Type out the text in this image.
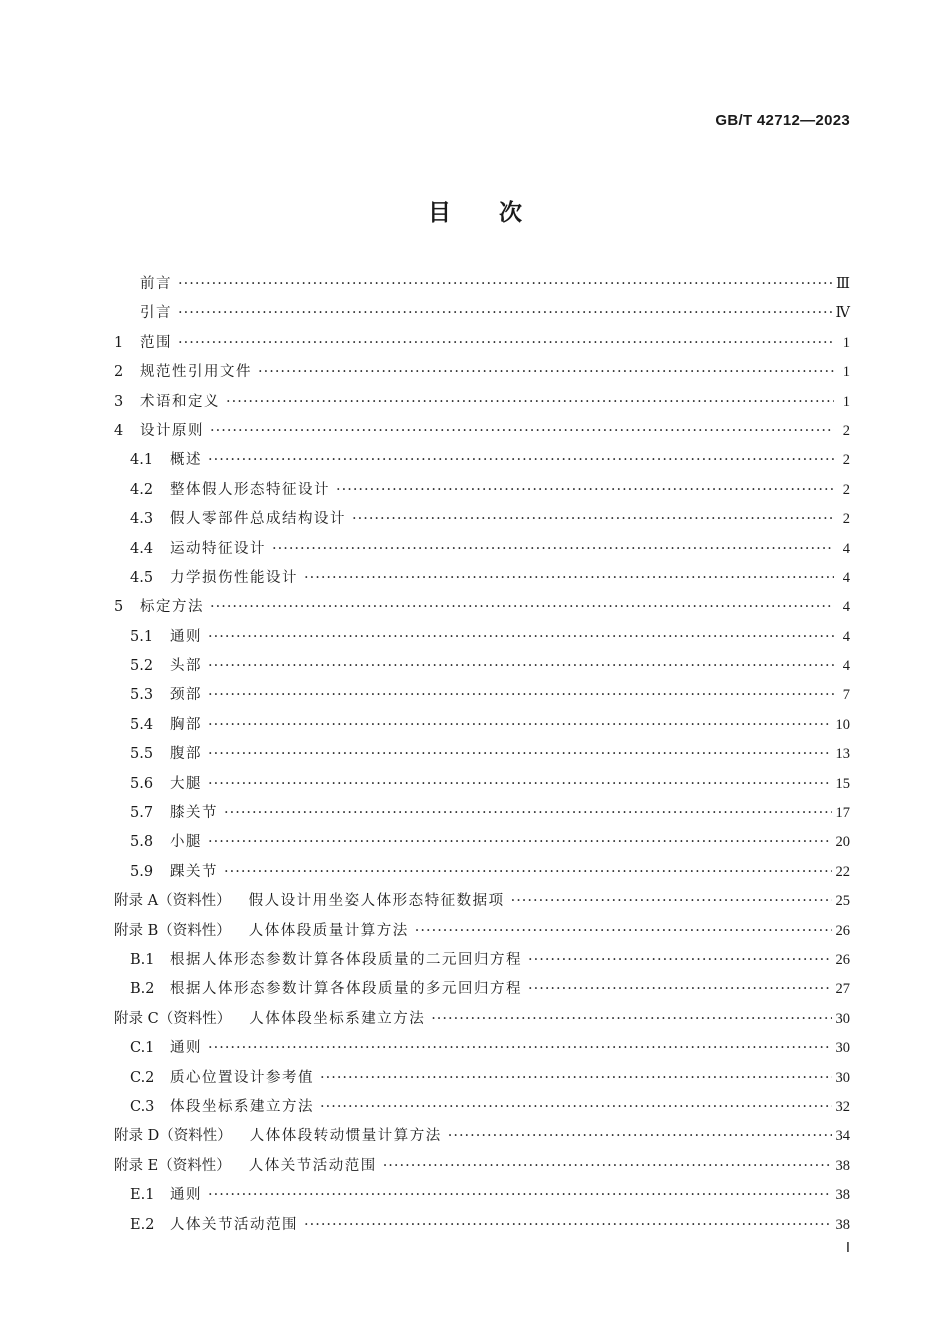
GB/T 42712—2023
目次
前言 ·····	Ⅲ
引言 ·····	Ⅳ
1	范围 ·····	1
2	规范性引用文件 ·····	1
3	术语和定义 ·····	1
4	设计原则 ·····	2
4.1	概述 ·····	2
4.2	整体假人形态特征设计 ·····	2
4.3	假人零部件总成结构设计 ·····	2
4.4	运动特征设计 ·····	4
4.5	力学损伤性能设计 ·····	4
5	标定方法 ·····	4
5.1	通则 ·····	4
5.2	头部 ·····	4
5.3	颈部 ·····	7
5.4	胸部 ·····	10
5.5	腹部 ·····	13
5.6	大腿 ·····	15
5.7	膝关节 ·····	17
5.8	小腿 ·····	20
5.9	踝关节 ·····	22
附录 A（资料性） 假人设计用坐姿人体形态特征数据项 ·····	25
附录 B（资料性） 人体体段质量计算方法 ·····	26
B.1	根据人体形态参数计算各体段质量的二元回归方程 ·····	26
B.2	根据人体形态参数计算各体段质量的多元回归方程 ·····	27
附录 C（资料性） 人体体段坐标系建立方法 ·····	30
C.1	通则 ·····	30
C.2	质心位置设计参考值 ·····	30
C.3	体段坐标系建立方法 ·····	32
附录 D（资料性） 人体体段转动惯量计算方法 ·····	34
附录 E（资料性） 人体关节活动范围 ·····	38
E.1	通则 ·····	38
E.2	人体关节活动范围 ·····	38
Ⅰ
